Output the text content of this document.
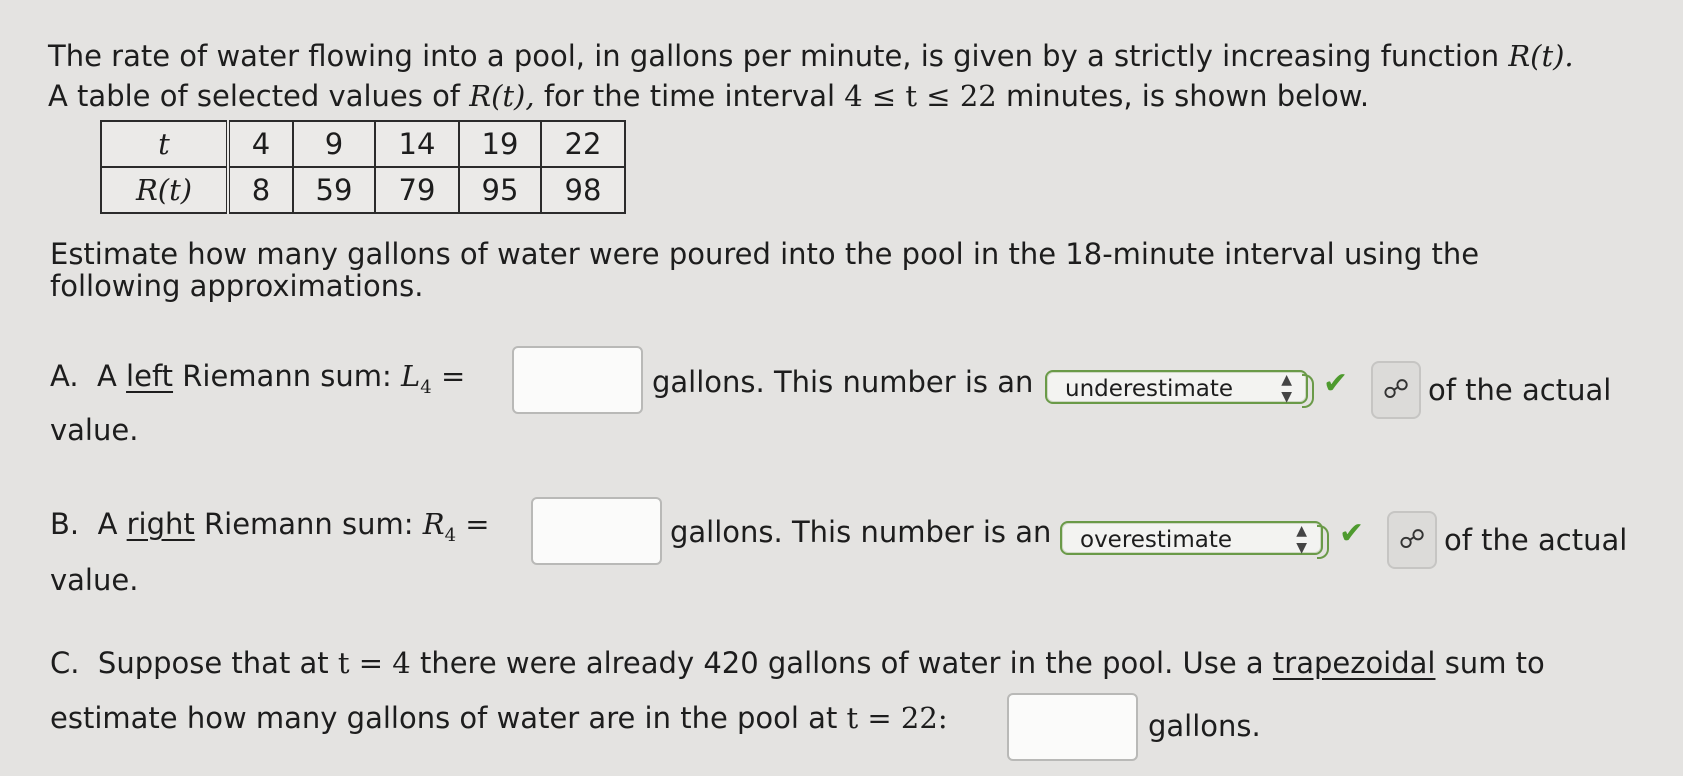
The rate of water flowing into a pool, in gallons per minute, is given by a strictly increasing function R(t).
A table of selected values of R(t), for the time interval 4 ≤ t ≤ 22 minutes, is shown below.
t	4	9	14	19	22
R(t)	8	59	79	95	98
Estimate how many gallons of water were poured into the pool in the 18-minute interval using the
following approximations.
A. A left Riemann sum: $L_4$ =	gallons. This number is an	underestimate	▲
▼ ✔	☍ of the actual
value.
B. A right Riemann sum: $R_4$ =	gallons. This number is an	overestimate	▲
▼ ✔	☍ of the actual
value.
C. Suppose that at t = 4 there were already 420 gallons of water in the pool. Use a trapezoidal sum to
estimate how many gallons of water are in the pool at t = 22:	gallons.
